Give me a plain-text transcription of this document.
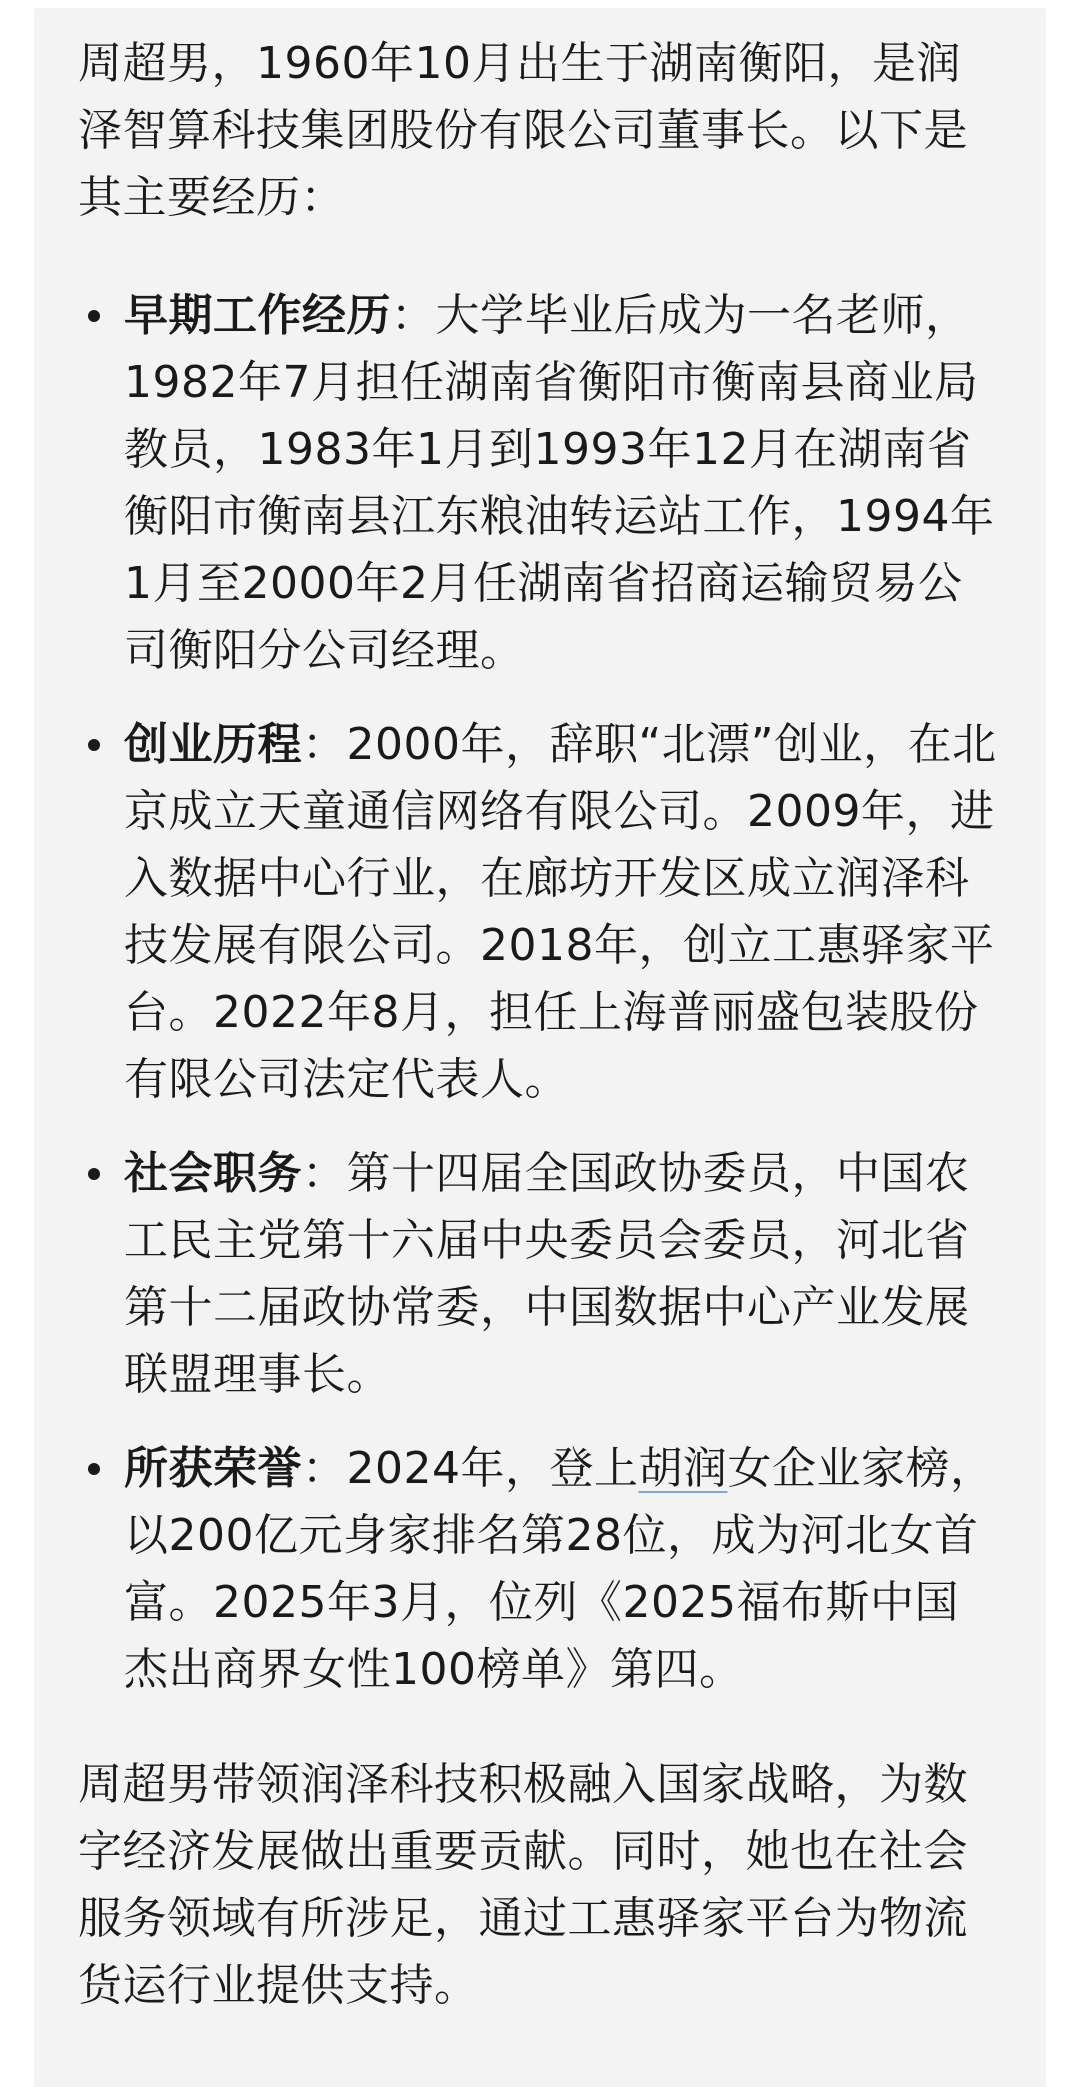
周超男，1960年10月出生于湖南衡阳，是润泽智算科技集团股份有限公司董事长。以下是其主要经历：

早期工作经历：大学毕业后成为一名老师，1982年7月担任湖南省衡阳市衡南县商业局教员，1983年1月到1993年12月在湖南省衡阳市衡南县江东粮油转运站工作，1994年1月至2000年2月任湖南省招商运输贸易公司衡阳分公司经理。
创业历程：2000年，辞职“北漂”创业，在北京成立天童通信网络有限公司。2009年，进入数据中心行业，在廊坊开发区成立润泽科技发展有限公司。2018年，创立工惠驿家平台。2022年8月，担任上海普丽盛包装股份有限公司法定代表人。
社会职务：第十四届全国政协委员，中国农工民主党第十六届中央委员会委员，河北省第十二届政协常委，中国数据中心产业发展联盟理事长。
所获荣誉：2024年，登上胡润女企业家榜，以200亿元身家排名第28位，成为河北女首富。2025年3月，位列《2025福布斯中国杰出商界女性100榜单》第四。

周超男带领润泽科技积极融入国家战略，为数字经济发展做出重要贡献。同时，她也在社会服务领域有所涉足，通过工惠驿家平台为物流货运行业提供支持。
